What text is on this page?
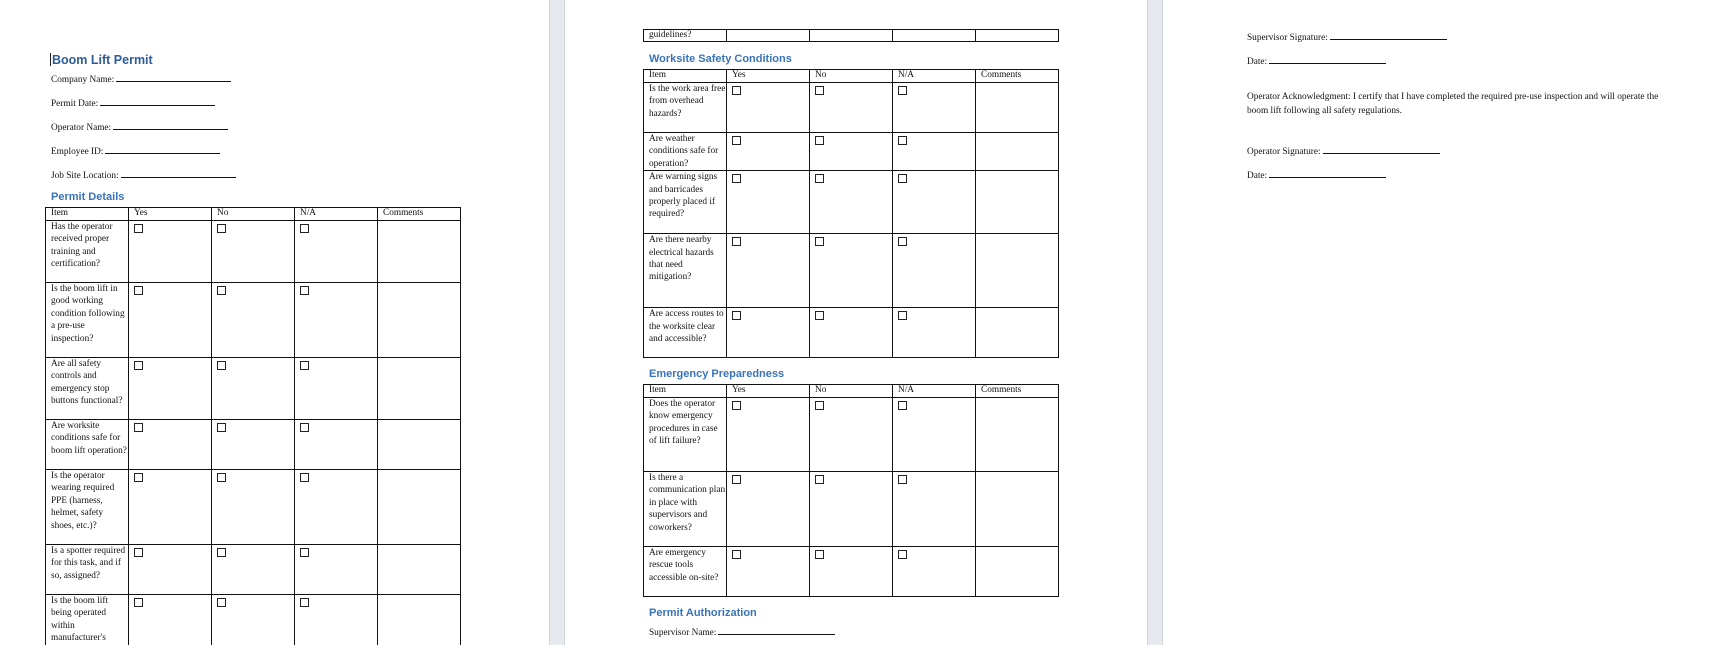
Boom Lift Permit
Company Name:
Permit Date:
Operator Name:
Employee ID:
Job Site Location:
Permit Details
Item	Yes	No	N/A	Comments
Has the operator received proper training and certification?				
Is the boom lift in good working condition following a pre-use inspection?				
Are all safety controls and emergency stop buttons functional?				
Are worksite conditions safe for boom lift operation?				
Is the operator wearing required PPE (harness, helmet, safety shoes, etc.)?				
Is a spotter required for this task, and if so, assigned?				
Is the boom lift being operated within manufacturer's				
guidelines?				
Worksite Safety Conditions
Item	Yes	No	N/A	Comments
Is the work area free from overhead hazards?				
Are weather conditions safe for operation?				
Are warning signs and barricades properly placed if required?				
Are there nearby electrical hazards that need mitigation?				
Are access routes to the worksite clear and accessible?				
Emergency Preparedness
Item	Yes	No	N/A	Comments
Does the operator know emergency procedures in case of lift failure?				
Is there a communication plan in place with supervisors and coworkers?				
Are emergency rescue tools accessible on-site?				
Permit Authorization
Supervisor Name:
Supervisor Signature:
Date:
Operator Acknowledgment: I certify that I have completed the required pre-use inspection and will operate the boom lift following all safety regulations.
Operator Signature:
Date:
